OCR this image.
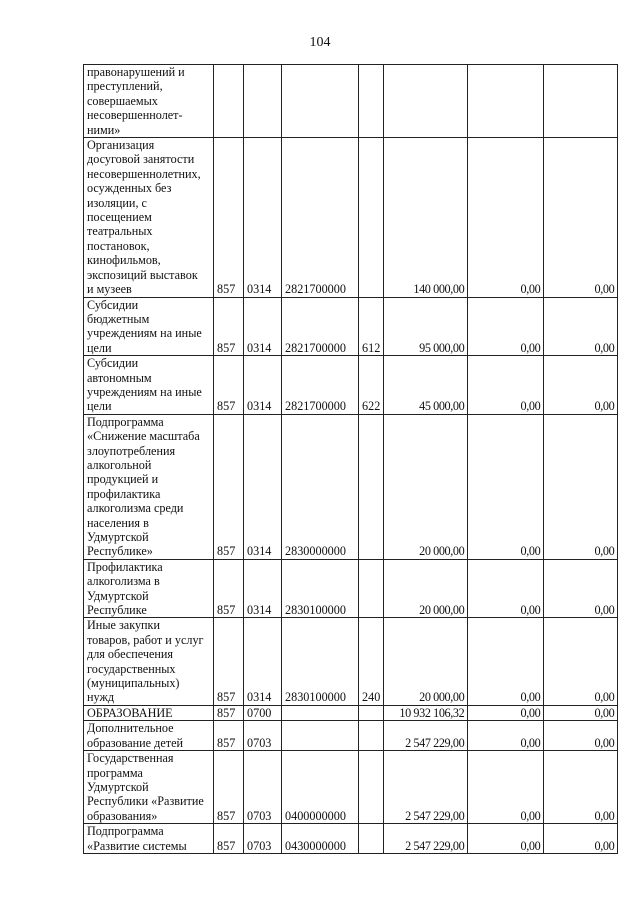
104
правонарушений и
преступлений,
совершаемых
несовершеннолет-
ними»							

Организация
досуговой занятости
несовершеннолетних,
осужденных без
изоляции, с
посещением
театральных
постановок,
кинофильмов,
экспозиций выставок
и музеев	857	0314	2821700000		140 000,00	0,00	0,00

Субсидии
бюджетным
учреждениям на иные
цели	857	0314	2821700000	612	95 000,00	0,00	0,00

Субсидии
автономным
учреждениям на иные
цели	857	0314	2821700000	622	45 000,00	0,00	0,00

Подпрограмма
«Снижение масштаба
злоупотребления
алкогольной
продукцией и
профилактика
алкоголизма среди
населения в
Удмуртской
Республике»	857	0314	2830000000		20 000,00	0,00	0,00

Профилактика
алкоголизма в
Удмуртской
Республике	857	0314	2830100000		20 000,00	0,00	0,00

Иные закупки
товаров, работ и услуг
для обеспечения
государственных
(муниципальных)
нужд	857	0314	2830100000	240	20 000,00	0,00	0,00

ОБРАЗОВАНИЕ	857	0700			10 932 106,32	0,00	0,00

Дополнительное
образование детей	857	0703			2 547 229,00	0,00	0,00

Государственная
программа
Удмуртской
Республики «Развитие
образования»	857	0703	0400000000		2 547 229,00	0,00	0,00

Подпрограмма
«Развитие системы	857	0703	0430000000		2 547 229,00	0,00	0,00
